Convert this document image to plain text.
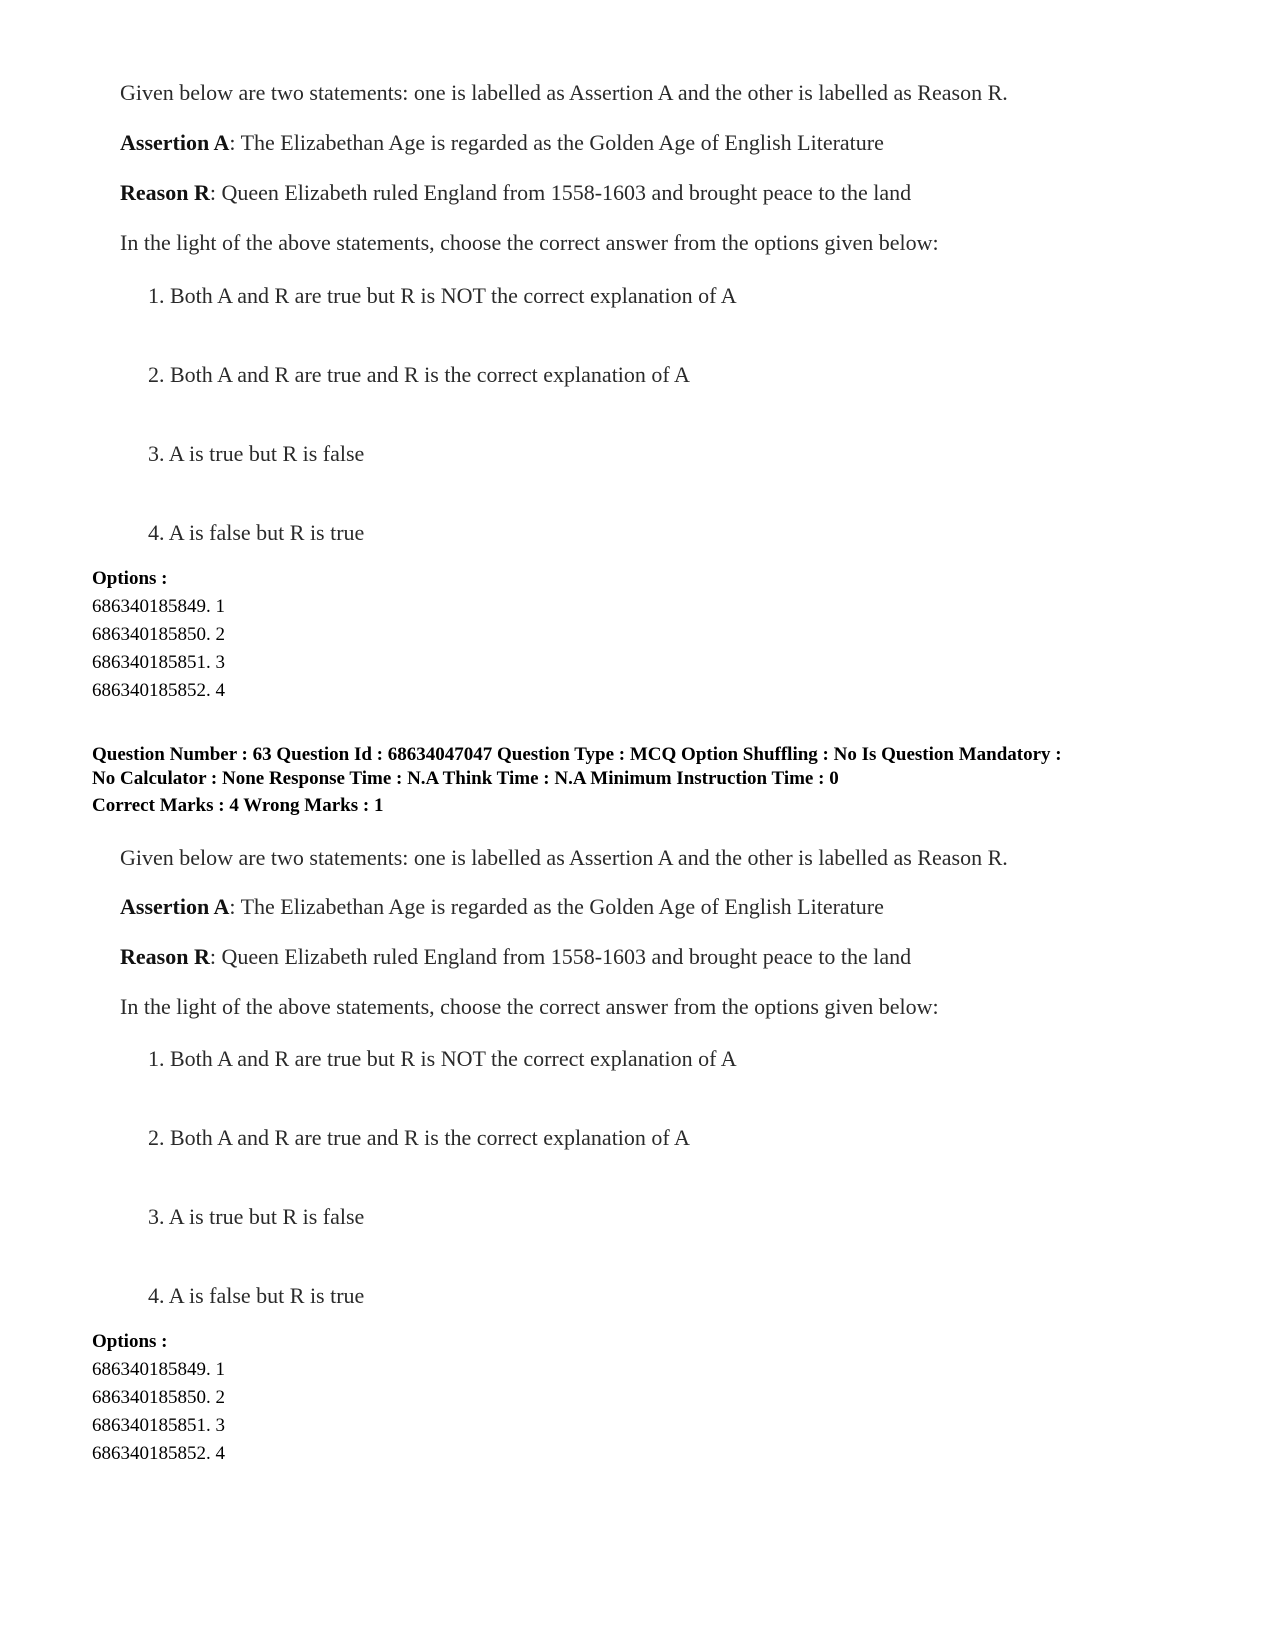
Given below are two statements: one is labelled as Assertion A and the other is labelled as Reason R.
Assertion A: The Elizabethan Age is regarded as the Golden Age of English Literature
Reason R: Queen Elizabeth ruled England from 1558-1603 and brought peace to the land
In the light of the above statements, choose the correct answer from the options given below:
1. Both A and R are true but R is NOT the correct explanation of A
2. Both A and R are true and R is the correct explanation of A
3. A is true but R is false
4. A is false but R is true
Options :
686340185849. 1
686340185850. 2
686340185851. 3
686340185852. 4
Question Number : 63 Question Id : 68634047047 Question Type : MCQ Option Shuffling : No Is Question Mandatory :
No Calculator : None Response Time : N.A Think Time : N.A Minimum Instruction Time : 0
Correct Marks : 4 Wrong Marks : 1
Given below are two statements: one is labelled as Assertion A and the other is labelled as Reason R.
Assertion A: The Elizabethan Age is regarded as the Golden Age of English Literature
Reason R: Queen Elizabeth ruled England from 1558-1603 and brought peace to the land
In the light of the above statements, choose the correct answer from the options given below:
1. Both A and R are true but R is NOT the correct explanation of A
2. Both A and R are true and R is the correct explanation of A
3. A is true but R is false
4. A is false but R is true
Options :
686340185849. 1
686340185850. 2
686340185851. 3
686340185852. 4
